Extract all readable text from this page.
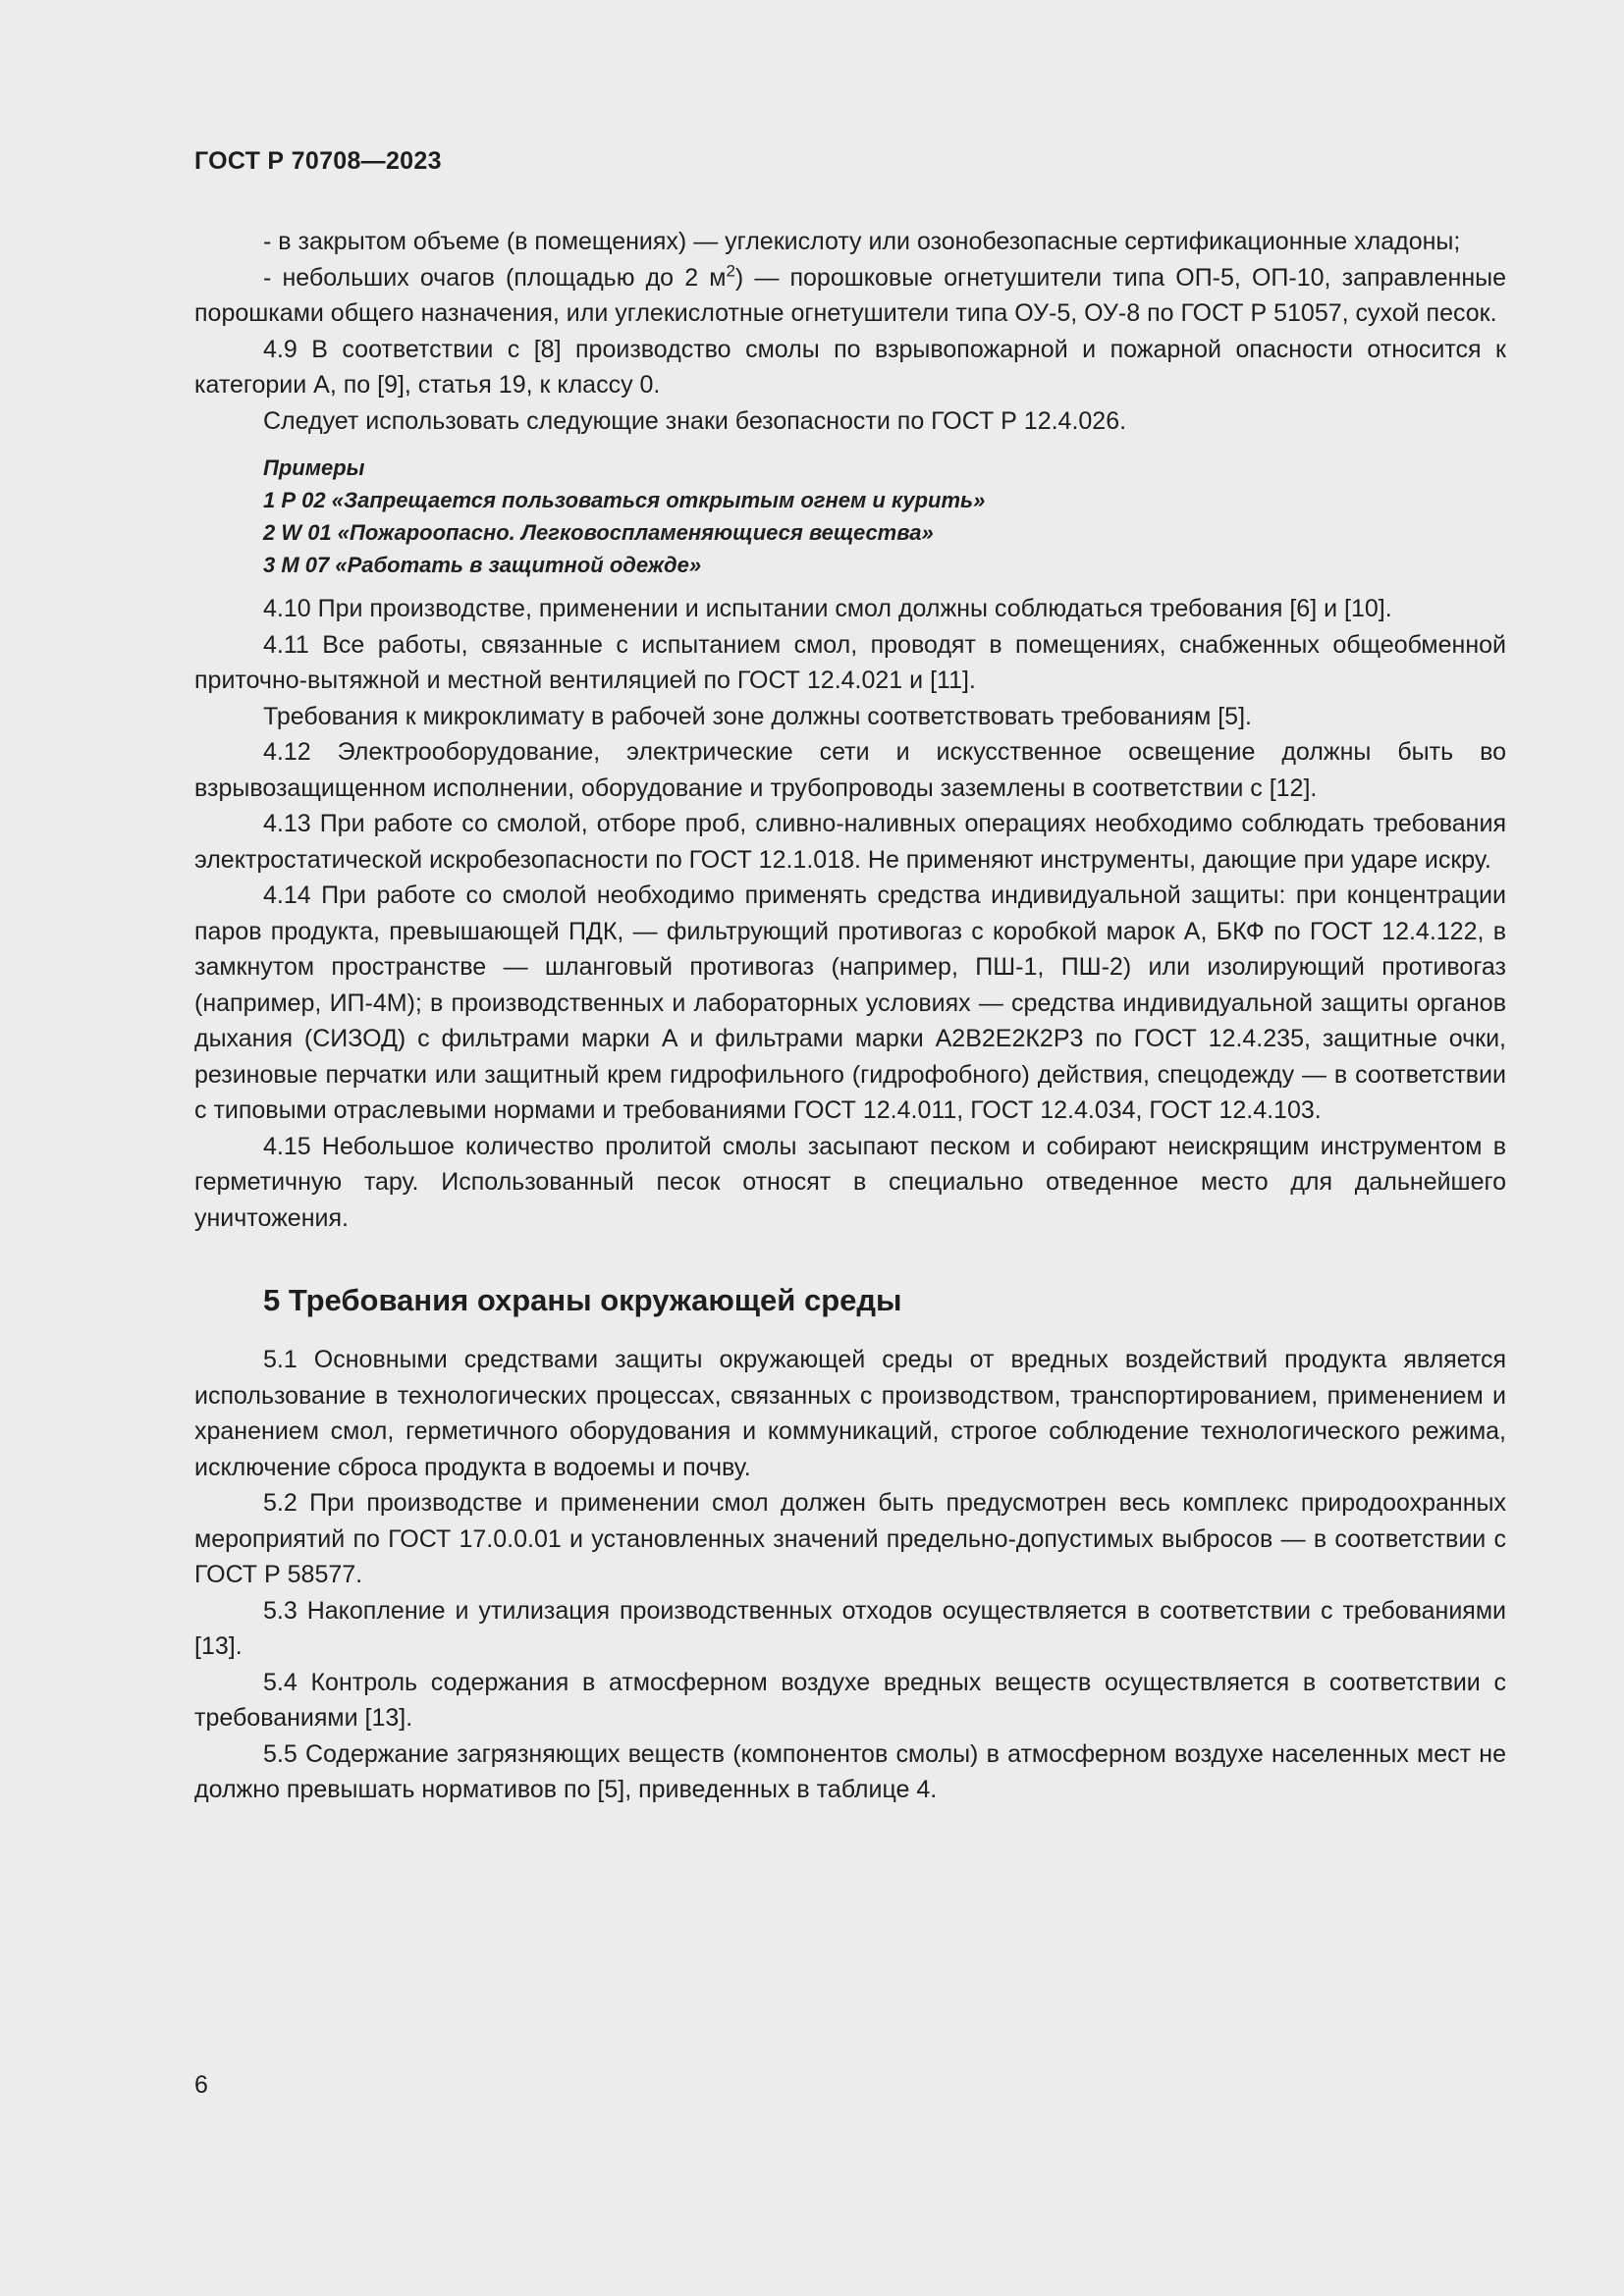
ГОСТ Р 70708—2023

- в закрытом объеме (в помещениях) — углекислоту или озонобезопасные сертификационные хладоны;

- небольших очагов (площадью до 2 $м^2$) — порошковые огнетушители типа ОП-5, ОП-10, заправленные порошками общего назначения, или углекислотные огнетушители типа ОУ-5, ОУ-8 по ГОСТ Р 51057, сухой песок.

4.9 В соответствии с [8] производство смолы по взрывопожарной и пожарной опасности относится к категории А, по [9], статья 19, к классу 0.

Следует использовать следующие знаки безопасности по ГОСТ Р 12.4.026.

Примеры
1 Р 02 «Запрещается пользоваться открытым огнем и курить»
2 W 01 «Пожароопасно. Легковоспламеняющиеся вещества»
3 М 07 «Работать в защитной одежде»

4.10 При производстве, применении и испытании смол должны соблюдаться требования [6] и [10].

4.11 Все работы, связанные с испытанием смол, проводят в помещениях, снабженных общеобменной приточно-вытяжной и местной вентиляцией по ГОСТ 12.4.021 и [11].

Требования к микроклимату в рабочей зоне должны соответствовать требованиям [5].

4.12 Электрооборудование, электрические сети и искусственное освещение должны быть во взрывозащищенном исполнении, оборудование и трубопроводы заземлены в соответствии с [12].

4.13 При работе со смолой, отборе проб, сливно-наливных операциях необходимо соблюдать требования электростатической искробезопасности по ГОСТ 12.1.018. Не применяют инструменты, дающие при ударе искру.

4.14 При работе со смолой необходимо применять средства индивидуальной защиты: при концентрации паров продукта, превышающей ПДК, — фильтрующий противогаз с коробкой марок А, БКФ по ГОСТ 12.4.122, в замкнутом пространстве — шланговый противогаз (например, ПШ-1, ПШ-2) или изолирующий противогаз (например, ИП-4М); в производственных и лабораторных условиях — средства индивидуальной защиты органов дыхания (СИЗОД) с фильтрами марки А и фильтрами марки А2В2Е2К2Р3 по ГОСТ 12.4.235, защитные очки, резиновые перчатки или защитный крем гидрофильного (гидрофобного) действия, спецодежду — в соответствии с типовыми отраслевыми нормами и требованиями ГОСТ 12.4.011, ГОСТ 12.4.034, ГОСТ 12.4.103.

4.15 Небольшое количество пролитой смолы засыпают песком и собирают неискрящим инструментом в герметичную тару. Использованный песок относят в специально отведенное место для дальнейшего уничтожения.

5 Требования охраны окружающей среды

5.1 Основными средствами защиты окружающей среды от вредных воздействий продукта является использование в технологических процессах, связанных с производством, транспортированием, применением и хранением смол, герметичного оборудования и коммуникаций, строгое соблюдение технологического режима, исключение сброса продукта в водоемы и почву.

5.2 При производстве и применении смол должен быть предусмотрен весь комплекс природоохранных мероприятий по ГОСТ 17.0.0.01 и установленных значений предельно-допустимых выбросов — в соответствии с ГОСТ Р 58577.

5.3 Накопление и утилизация производственных отходов осуществляется в соответствии с требованиями [13].

5.4 Контроль содержания в атмосферном воздухе вредных веществ осуществляется в соответствии с требованиями [13].

5.5 Содержание загрязняющих веществ (компонентов смолы) в атмосферном воздухе населенных мест не должно превышать нормативов по [5], приведенных в таблице 4.

6
